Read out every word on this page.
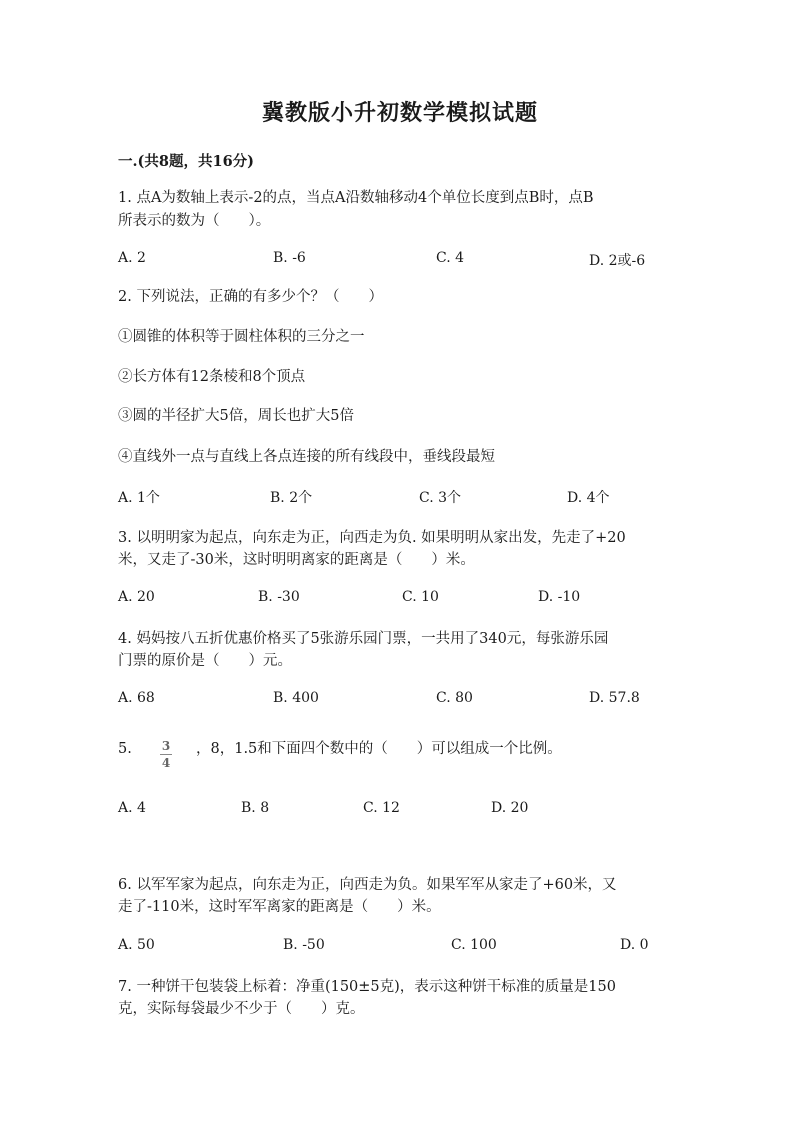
冀教版小升初数学模拟试题
一.(共8题，共16分)
1. 点A为数轴上表示-2的点，当点A沿数轴移动4个单位长度到点B时，点B
所表示的数为（　　）。
A. 2	B. -6	C. 4	D. 2或-6
2. 下列说法，正确的有多少个？（　　）
①圆锥的体积等于圆柱体积的三分之一
②长方体有12条棱和8个顶点
③圆的半径扩大5倍，周长也扩大5倍
④直线外一点与直线上各点连接的所有线段中，垂线段最短
A. 1个	B. 2个	C. 3个	D. 4个
3. 以明明家为起点，向东走为正，向西走为负. 如果明明从家出发，先走了+20
米，又走了-30米，这时明明离家的距离是（　　）米。
A. 20	B. -30	C. 10	D. -10
4. 妈妈按八五折优惠价格买了5张游乐园门票，一共用了340元，每张游乐园
门票的原价是（　　）元。
A. 68	B. 400	C. 80	D. 57.8
5. $\frac{3}{4}$ ，8，1.5和下面四个数中的（　　）可以组成一个比例。
A. 4	B. 8	C. 12	D. 20
6. 以军军家为起点，向东走为正，向西走为负。如果军军从家走了+60米，又
走了-110米，这时军军离家的距离是（　　）米。
A. 50	B. -50	C. 100	D. 0
7. 一种饼干包装袋上标着：净重(150±5克)，表示这种饼干标准的质量是150
克，实际每袋最少不少于（　　）克。
